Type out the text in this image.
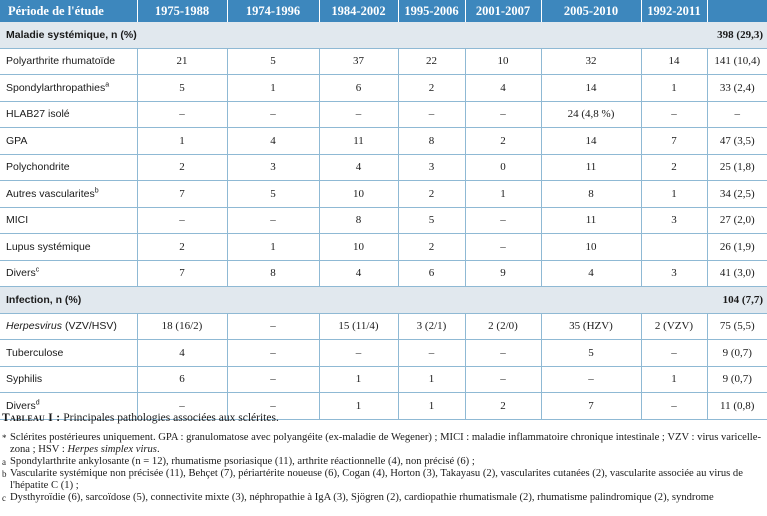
Période de l'étude	1975-1988	1974-1996	1984-2002	1995-2006	2001-2007	2005-2010	1992-2011	
Maladie systémique, n (%)								398 (29,3)
Polyarthrite rhumatoïde	21	5	37	22	10	32	14	141 (10,4)
Spondylarthropathies$^a$	5	1	6	2	4	14	1	33 (2,4)
HLAB27 isolé	–	–	–	–	–	24 (4,8 %)	–	–
GPA	1	4	11	8	2	14	7	47 (3,5)
Polychondrite	2	3	4	3	0	11	2	25 (1,8)
Autres vascularites$^b$	7	5	10	2	1	8	1	34 (2,5)
MICI	–	–	8	5	–	11	3	27 (2,0)
Lupus systémique	2	1	10	2	–	10		26 (1,9)
Divers$^c$	7	8	4	6	9	4	3	41 (3,0)
Infection, n (%)								104 (7,7)
Herpesvirus (VZV/HSV)	18 (16/2)	–	15 (11/4)	3 (2/1)	2 (2/0)	35 (HZV)	2 (VZV)	75 (5,5)
Tuberculose	4	–	–	–	–	5	–	9 (0,7)
Syphilis	6	–	1	1	–	–	1	9 (0,7)
Divers$^d$	–	–	1	1	2	7	–	11 (0,8)
Tableau I : Principales pathologies associées aux sclérites.
* Sclérites postérieures uniquement. GPA : granulomatose avec polyangéite (ex-maladie de Wegener) ; MICI : maladie inflammatoire chronique intestinale ; VZV : virus varicelle-zona ; HSV : Herpes simplex virus.
a Spondylarthrite ankylosante (n = 12), rhumatisme psoriasique (11), arthrite réactionnelle (4), non précisé (6) ;
b Vascularite systémique non précisée (11), Behçet (7), périartérite noueuse (6), Cogan (4), Horton (3), Takayasu (2), vascularites cutanées (2), vascularite associée au virus de l'hépatite C (1) ;
c Dysthyroïdie (6), sarcoïdose (5), connectivite mixte (3), néphropathie à IgA (3), Sjögren (2), cardiopathie rhumatismale (2), rhumatisme palindromique (2), syndrome
